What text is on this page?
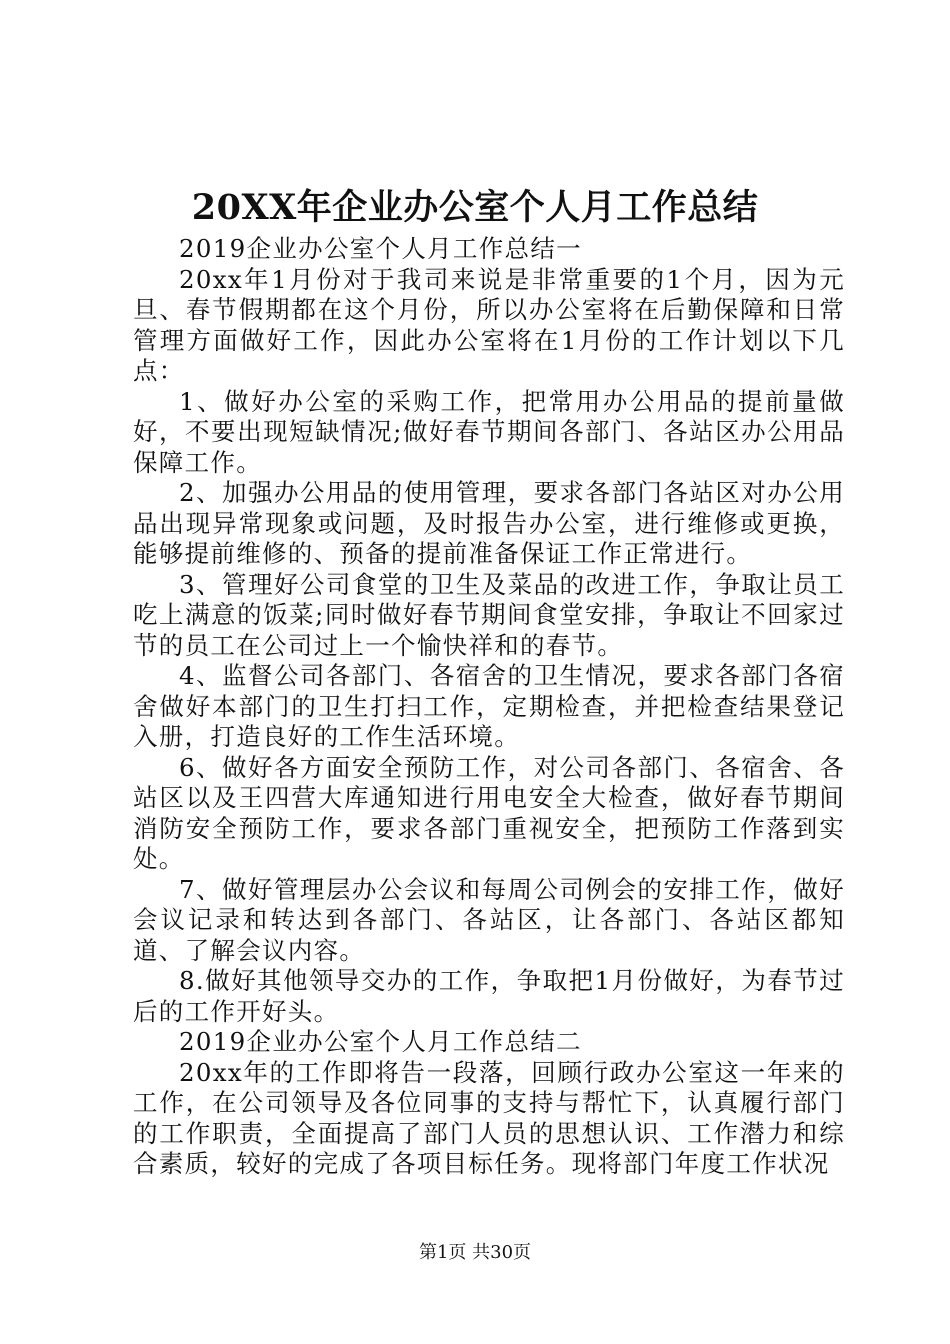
20XX年企业办公室个人月工作总结

2019企业办公室个人月工作总结一

20xx年1月份对于我司来说是非常重要的1个月，因为元旦、春节假期都在这个月份，所以办公室将在后勤保障和日常管理方面做好工作，因此办公室将在1月份的工作计划以下几点：

1、做好办公室的采购工作，把常用办公用品的提前量做好，不要出现短缺情况;做好春节期间各部门、各站区办公用品保障工作。

2、加强办公用品的使用管理，要求各部门各站区对办公用品出现异常现象或问题，及时报告办公室，进行维修或更换，能够提前维修的、预备的提前准备保证工作正常进行。

3、管理好公司食堂的卫生及菜品的改进工作，争取让员工吃上满意的饭菜;同时做好春节期间食堂安排，争取让不回家过节的员工在公司过上一个愉快祥和的春节。

4、监督公司各部门、各宿舍的卫生情况，要求各部门各宿舍做好本部门的卫生打扫工作，定期检查，并把检查结果登记入册，打造良好的工作生活环境。

6、做好各方面安全预防工作，对公司各部门、各宿舍、各站区以及王四营大库通知进行用电安全大检查，做好春节期间消防安全预防工作，要求各部门重视安全，把预防工作落到实处。

7、做好管理层办公会议和每周公司例会的安排工作，做好会议记录和转达到各部门、各站区，让各部门、各站区都知道、了解会议内容。

8.做好其他领导交办的工作，争取把1月份做好，为春节过后的工作开好头。

2019企业办公室个人月工作总结二

20xx年的工作即将告一段落，回顾行政办公室这一年来的工作，在公司领导及各位同事的支持与帮忙下，认真履行部门的工作职责，全面提高了部门人员的思想认识、工作潜力和综合素质，较好的完成了各项目标任务。现将部门年度工作状况

第1页 共30页
